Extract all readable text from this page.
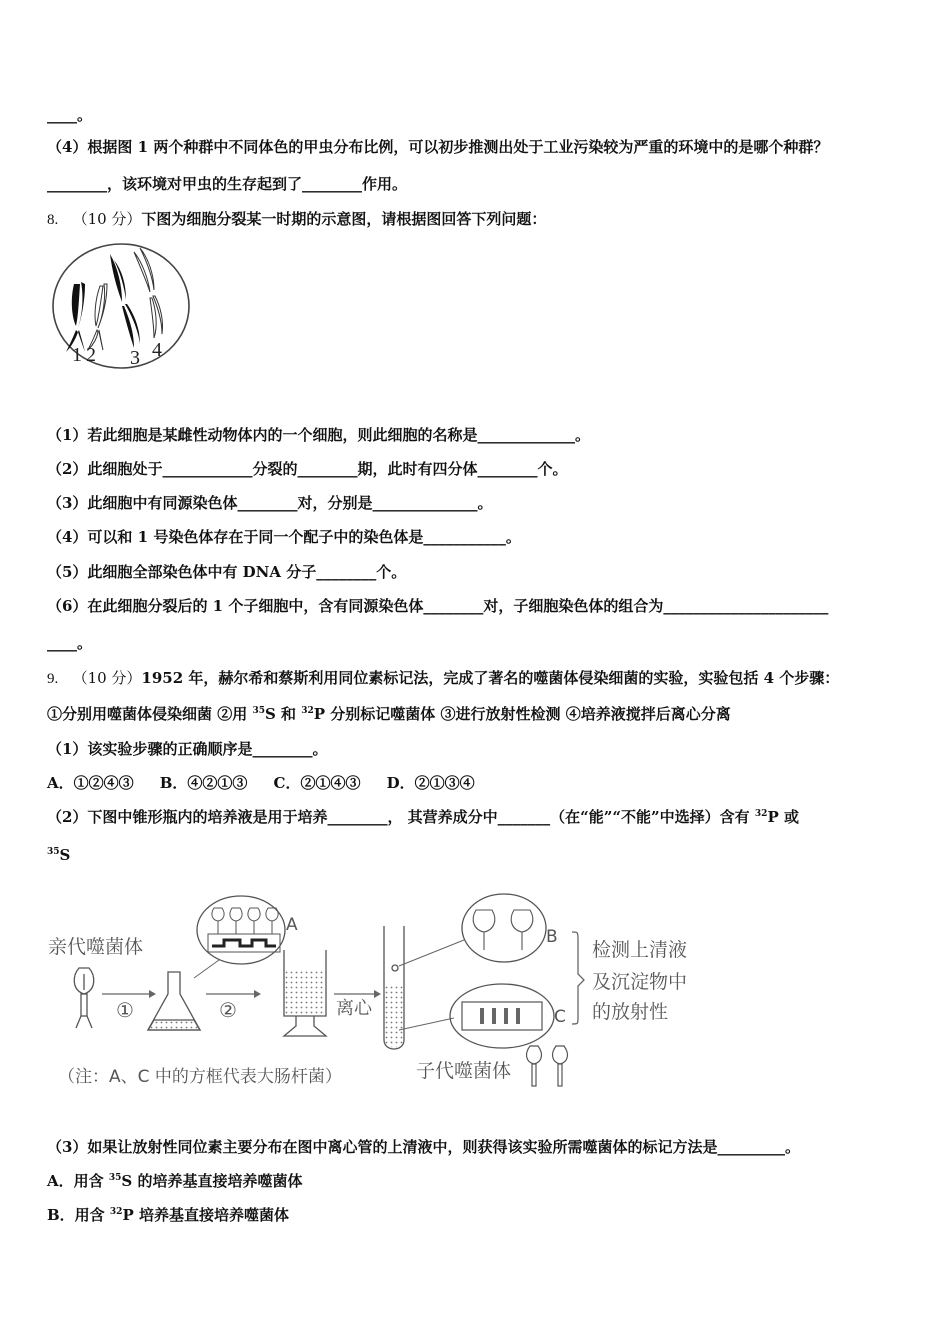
____。
（4）根据图 1 两个种群中不同体色的甲虫分布比例，可以初步推测出处于工业污染较为严重的环境中的是哪个种群？
________，该环境对甲虫的生存起到了________作用。
8. （10 分）下图为细胞分裂某一时期的示意图，请根据图回答下列问题：
1 2 3 4
（1）若此细胞是某雌性动物体内的一个细胞，则此细胞的名称是_____________。
（2）此细胞处于____________分裂的________期，此时有四分体________个。
（3）此细胞中有同源染色体________对，分别是______________。
（4）可以和 1 号染色体存在于同一个配子中的染色体是___________。
（5）此细胞全部染色体中有 DNA 分子________个。
（6）在此细胞分裂后的 1 个子细胞中，含有同源染色体________对，子细胞染色体的组合为______________________
____。
9. （10 分）1952 年，赫尔希和蔡斯利用同位素标记法，完成了著名的噬菌体侵染细菌的实验，实验包括 4 个步骤：
①分别用噬菌体侵染细菌 ②用 $^{35}$S 和 $^{32}$P 分别标记噬菌体 ③进行放射性检测 ④培养液搅拌后离心分离
（1）该实验步骤的正确顺序是________。
A．①②④③     B．④②①③     C．②①④③     D．②①③④
（2）下图中锥形瓶内的培养液是用于培养________， 其营养成分中_______（在“能”“不能”中选择）含有 $^{32}$P 或
$^{35}$S
亲代噬菌体
①	②
A
离心
B
C
检测上清液
及沉淀物中
的放射性
子代噬菌体
（注：A、C 中的方框代表大肠杆菌）
（3）如果让放射性同位素主要分布在图中离心管的上清液中，则获得该实验所需噬菌体的标记方法是_________。
A．用含 $^{35}$S 的培养基直接培养噬菌体
B．用含 $^{32}$P 培养基直接培养噬菌体
